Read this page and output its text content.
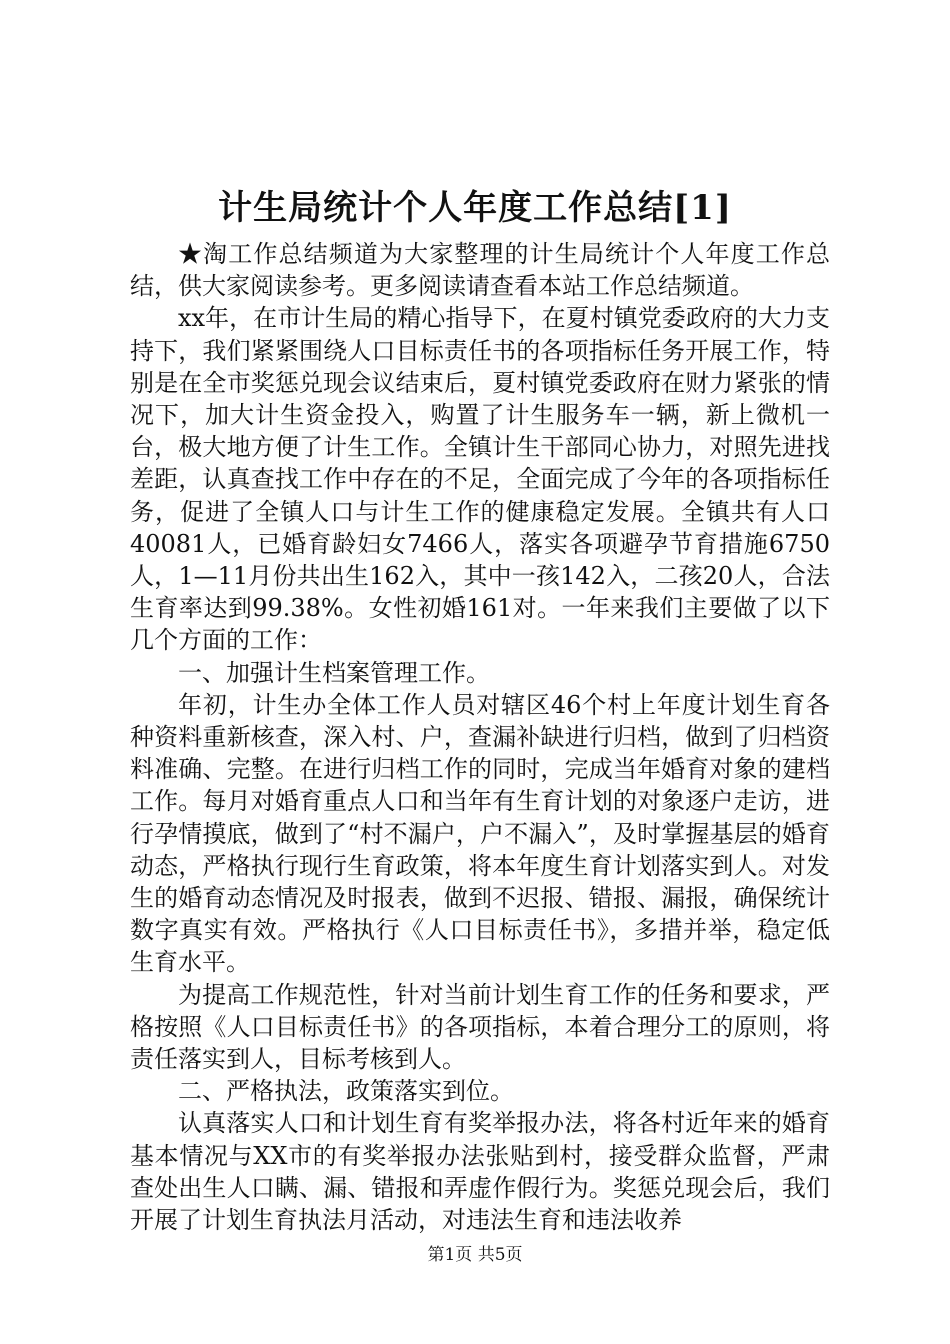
计生局统计个人年度工作总结[1]

★淘工作总结频道为大家整理的计生局统计个人年度工作总结，供大家阅读参考。更多阅读请查看本站工作总结频道。

xx年，在市计生局的精心指导下，在夏村镇党委政府的大力支持下，我们紧紧围绕人口目标责任书的各项指标任务开展工作，特别是在全市奖惩兑现会议结束后，夏村镇党委政府在财力紧张的情况下，加大计生资金投入，购置了计生服务车一辆，新上微机一台，极大地方便了计生工作。全镇计生干部同心协力，对照先进找差距，认真查找工作中存在的不足，全面完成了今年的各项指标任务，促进了全镇人口与计生工作的健康稳定发展。全镇共有人口40081人，已婚育龄妇女7466人，落实各项避孕节育措施6750人，1—11月份共出生162入，其中一孩142入，二孩20人，合法生育率达到99.38%。女性初婚161对。一年来我们主要做了以下几个方面的工作：

一、加强计生档案管理工作。

年初，计生办全体工作人员对辖区46个村上年度计划生育各种资料重新核查，深入村、户，查漏补缺进行归档，做到了归档资料准确、完整。在进行归档工作的同时，完成当年婚育对象的建档工作。每月对婚育重点人口和当年有生育计划的对象逐户走访，进行孕情摸底，做到了“村不漏户，户不漏入”，及时掌握基层的婚育动态，严格执行现行生育政策，将本年度生育计划落实到人。对发生的婚育动态情况及时报表，做到不迟报、错报、漏报，确保统计数字真实有效。严格执行《人口目标责任书》，多措并举，稳定低生育水平。

为提高工作规范性，针对当前计划生育工作的任务和要求，严格按照《人口目标责任书》的各项指标，本着合理分工的原则，将责任落实到人，目标考核到人。

二、严格执法，政策落实到位。

认真落实人口和计划生育有奖举报办法，将各村近年来的婚育基本情况与XX市的有奖举报办法张贴到村，接受群众监督，严肃查处出生人口瞒、漏、错报和弄虚作假行为。奖惩兑现会后，我们开展了计划生育执法月活动，对违法生育和违法收养

第1页 共5页
